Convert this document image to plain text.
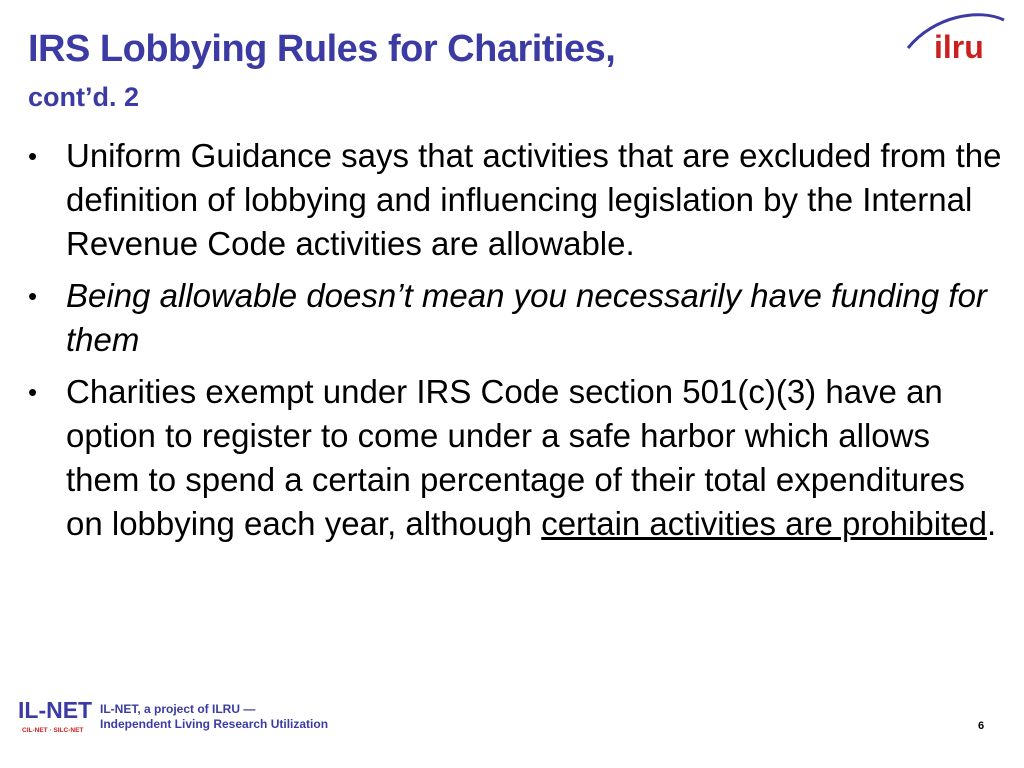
IRS Lobbying Rules for Charities,
cont’d. 2
ilru
• Uniform Guidance says that activities that are excluded from the definition of lobbying and influencing legislation by the Internal Revenue Code activities are allowable.
• Being allowable doesn’t mean you necessarily have funding for them
• Charities exempt under IRS Code section 501(c)(3) have an option to register to come under a safe harbor which allows them to spend a certain percentage of their total expenditures on lobbying each year, although certain activities are prohibited.
IL-NET
CIL-NET · SILC-NET
IL-NET, a project of ILRU —
Independent Living Research Utilization	6
